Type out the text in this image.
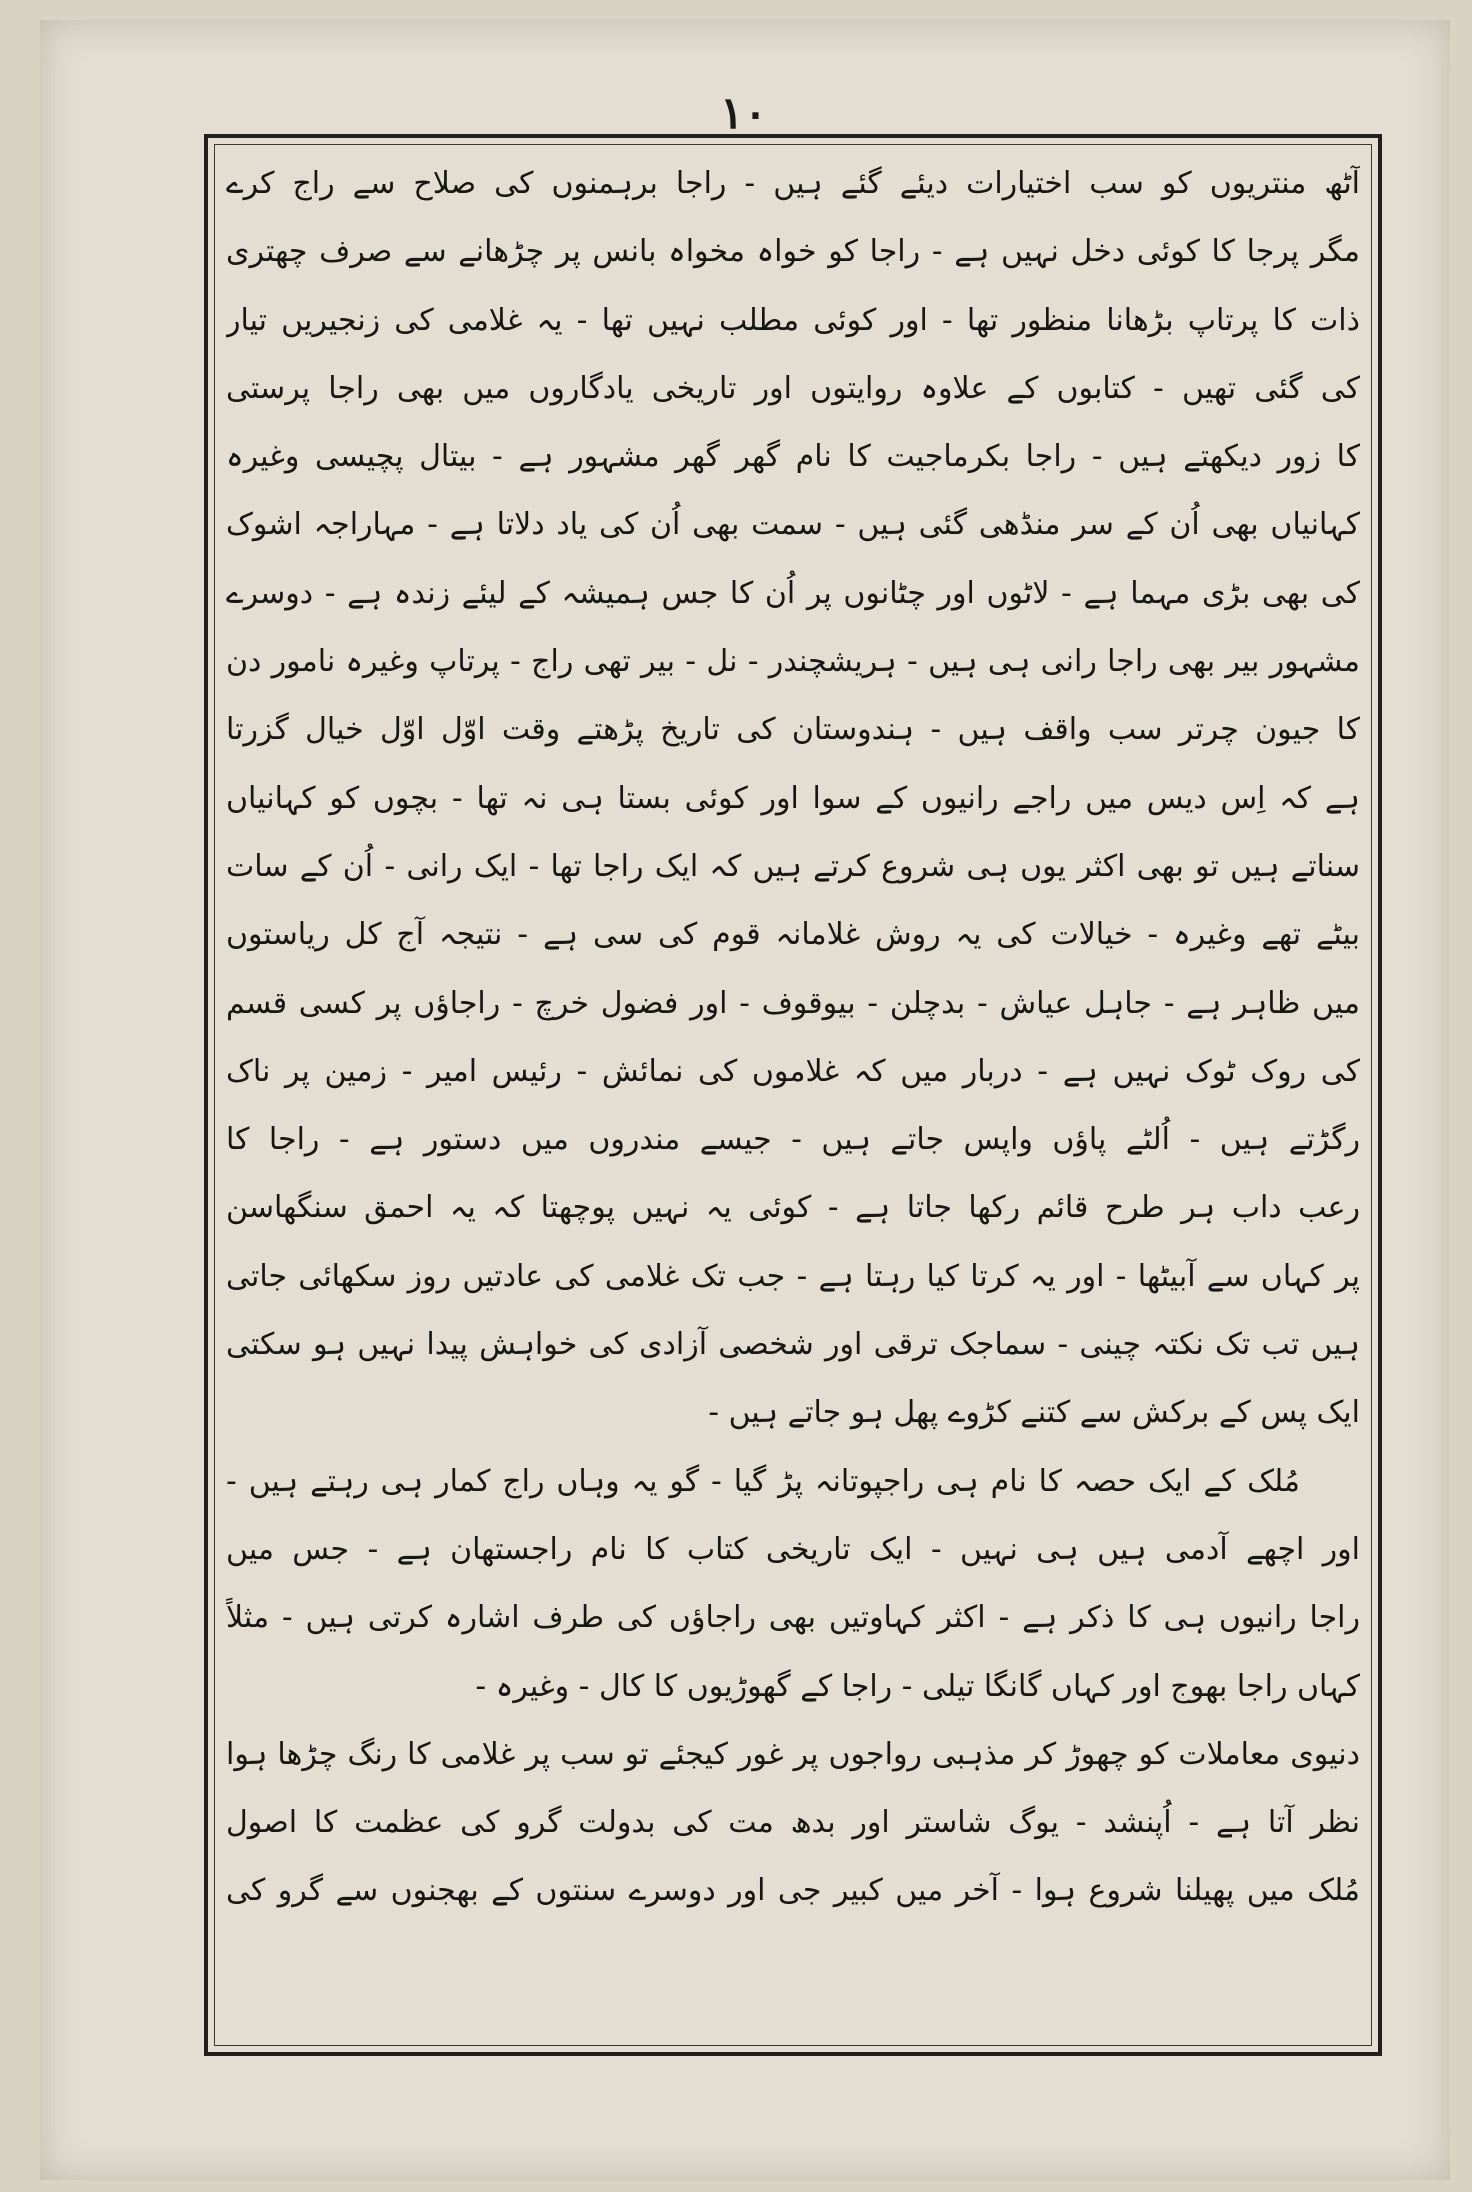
۱۰
آٹھ منتریوں کو سب اختیارات دیئے گئے ہیں - راجا برہمنوں کی صلاح سے راج کرے
مگر پرجا کا کوئی دخل نہیں ہے - راجا کو خواہ مخواہ بانس پر چڑھانے سے صرف چھتری
ذات کا پرتاپ بڑھانا منظور تھا - اور کوئی مطلب نہیں تھا - یہ غلامی کی زنجیریں تیار
کی گئی تھیں - کتابوں کے علاوہ روایتوں اور تاریخی یادگاروں میں بھی راجا پرستی
کا زور دیکھتے ہیں - راجا بکرماجیت کا نام گھر گھر مشہور ہے - بیتال پچیسی وغیرہ
کہانیاں بھی اُن کے سر منڈھی گئی ہیں - سمت بھی اُن کی یاد دلاتا ہے - مہاراجہ اشوک
کی بھی بڑی مہما ہے - لاٹوں اور چٹانوں پر اُن کا جس ہمیشہ کے لیئے زندہ ہے - دوسرے
مشہور بیر بھی راجا رانی ہی ہیں - ہریشچندر - نل - بیر تھی راج - پرتاپ وغیرہ نامور دن
کا جیون چرتر سب واقف ہیں - ہندوستان کی تاریخ پڑھتے وقت اوّل اوّل خیال گزرتا
ہے کہ اِس دیس میں راجے رانیوں کے سوا اور کوئی بستا ہی نہ تھا - بچوں کو کہانیاں
سناتے ہیں تو بھی اکثر یوں ہی شروع کرتے ہیں کہ ایک راجا تھا - ایک رانی - اُن کے سات
بیٹے تھے وغیرہ - خیالات کی یہ روش غلامانہ قوم کی سی ہے - نتیجہ آج کل ریاستوں
میں ظاہر ہے - جاہل عیاش - بدچلن - بیوقوف - اور فضول خرچ - راجاؤں پر کسی قسم
کی روک ٹوک نہیں ہے - دربار میں کہ غلاموں کی نمائش - رئیس امیر - زمین پر ناک
رگڑتے ہیں - اُلٹے پاؤں واپس جاتے ہیں - جیسے مندروں میں دستور ہے - راجا کا
رعب داب ہر طرح قائم رکھا جاتا ہے - کوئی یہ نہیں پوچھتا کہ یہ احمق سنگھاسن
پر کہاں سے آبیٹھا - اور یہ کرتا کیا رہتا ہے - جب تک غلامی کی عادتیں روز سکھائی جاتی
ہیں تب تک نکتہ چینی - سماجک ترقی اور شخصی آزادی کی خواہش پیدا نہیں ہو سکتی
ایک پس کے برکش سے کتنے کڑوے پھل ہو جاتے ہیں -
مُلک کے ایک حصہ کا نام ہی راجپوتانہ پڑ گیا - گو یہ وہاں راج کمار ہی رہتے ہیں -
اور اچھے آدمی ہیں ہی نہیں - ایک تاریخی کتاب کا نام راجستھان ہے - جس میں
راجا رانیوں ہی کا ذکر ہے - اکثر کہاوتیں بھی راجاؤں کی طرف اشارہ کرتی ہیں - مثلاً
کہاں راجا بھوج اور کہاں گانگا تیلی - راجا کے گھوڑیوں کا کال - وغیرہ -
دنیوی معاملات کو چھوڑ کر مذہبی رواجوں پر غور کیجئے تو سب پر غلامی کا رنگ چڑھا ہوا
نظر آتا ہے - اُپنشد - یوگ شاستر اور بدھ مت کی بدولت گرو کی عظمت کا اصول
مُلک میں پھیلنا شروع ہوا - آخر میں کبیر جی اور دوسرے سنتوں کے بھجنوں سے گرو کی
